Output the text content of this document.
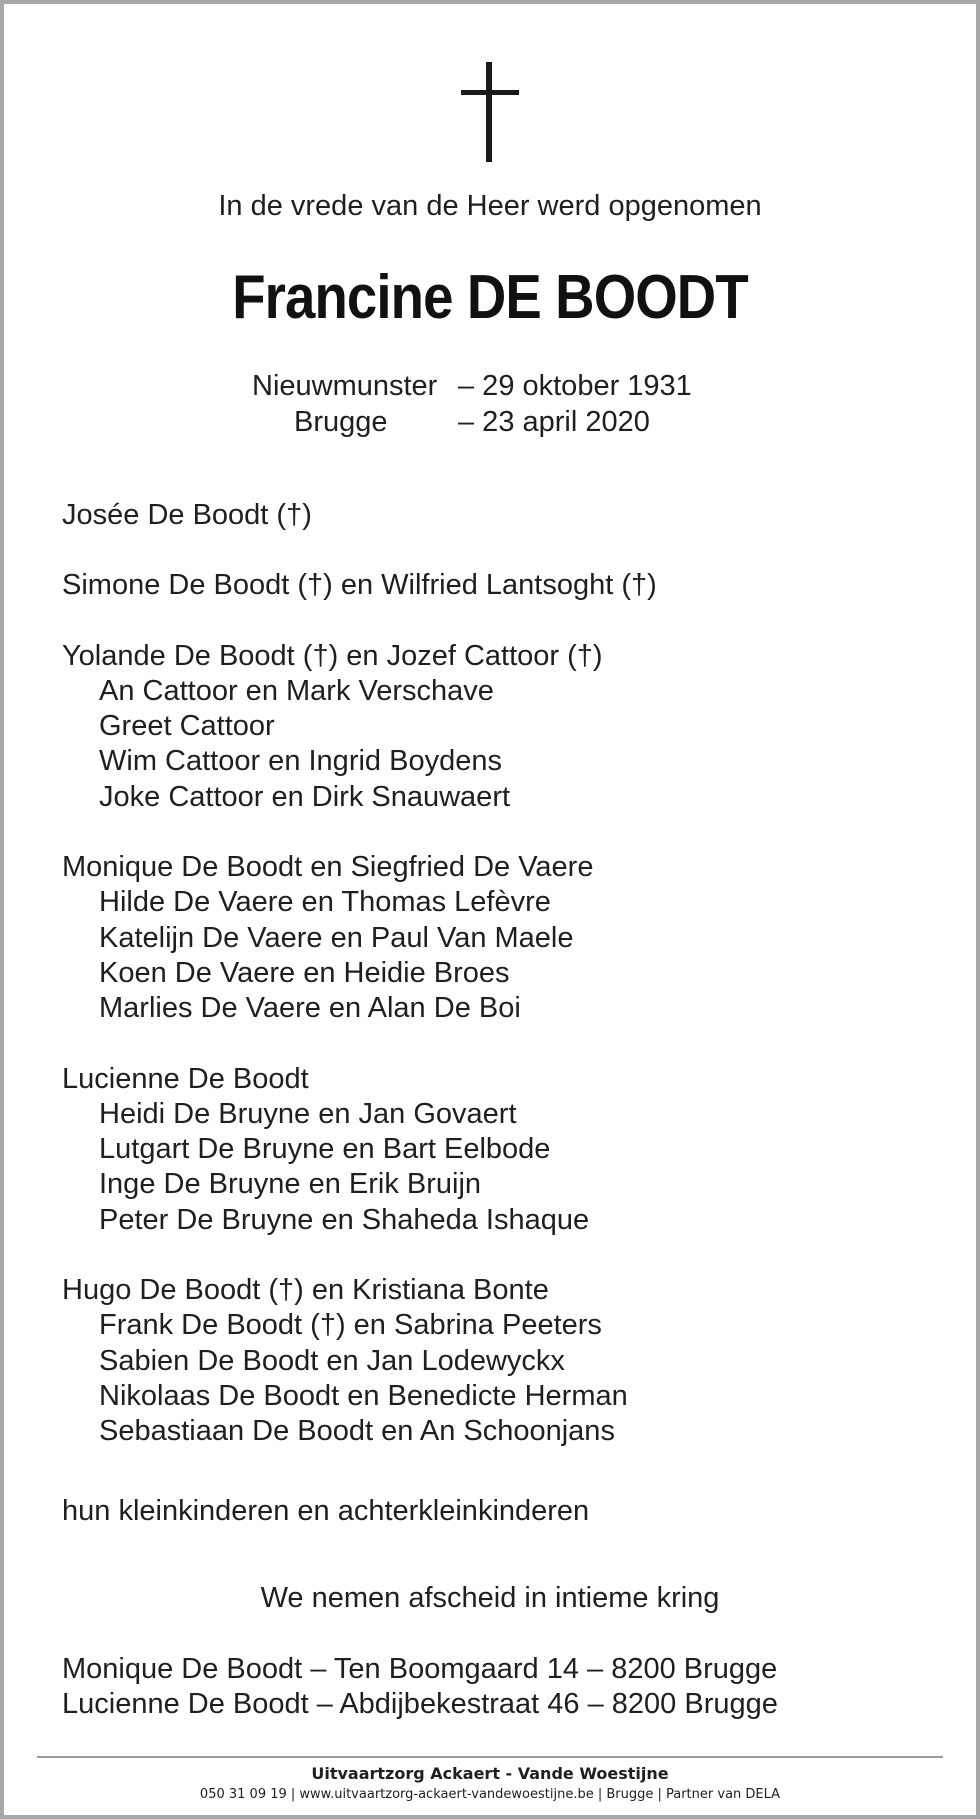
In de vrede van de Heer werd opgenomen
Francine DE BOODT
Nieuwmunster – 29 oktober 1931
Brugge	– 23 april 2020
Josée De Boodt (†)
Simone De Boodt (†) en Wilfried Lantsoght (†)
Yolande De Boodt (†) en Jozef Cattoor (†)
An Cattoor en Mark Verschave
Greet Cattoor
Wim Cattoor en Ingrid Boydens
Joke Cattoor en Dirk Snauwaert
Monique De Boodt en Siegfried De Vaere
Hilde De Vaere en Thomas Lefèvre
Katelijn De Vaere en Paul Van Maele
Koen De Vaere en Heidie Broes
Marlies De Vaere en Alan De Boi
Lucienne De Boodt
Heidi De Bruyne en Jan Govaert
Lutgart De Bruyne en Bart Eelbode
Inge De Bruyne en Erik Bruijn
Peter De Bruyne en Shaheda Ishaque
Hugo De Boodt (†) en Kristiana Bonte
Frank De Boodt (†) en Sabrina Peeters
Sabien De Boodt en Jan Lodewyckx
Nikolaas De Boodt en Benedicte Herman
Sebastiaan De Boodt en An Schoonjans
hun kleinkinderen en achterkleinkinderen
We nemen afscheid in intieme kring
Monique De Boodt – Ten Boomgaard 14 – 8200 Brugge
Lucienne De Boodt – Abdijbekestraat 46 – 8200 Brugge
Uitvaartzorg Ackaert - Vande Woestijne
050 31 09 19 | www.uitvaartzorg-ackaert-vandewoestijne.be | Brugge | Partner van DELA
